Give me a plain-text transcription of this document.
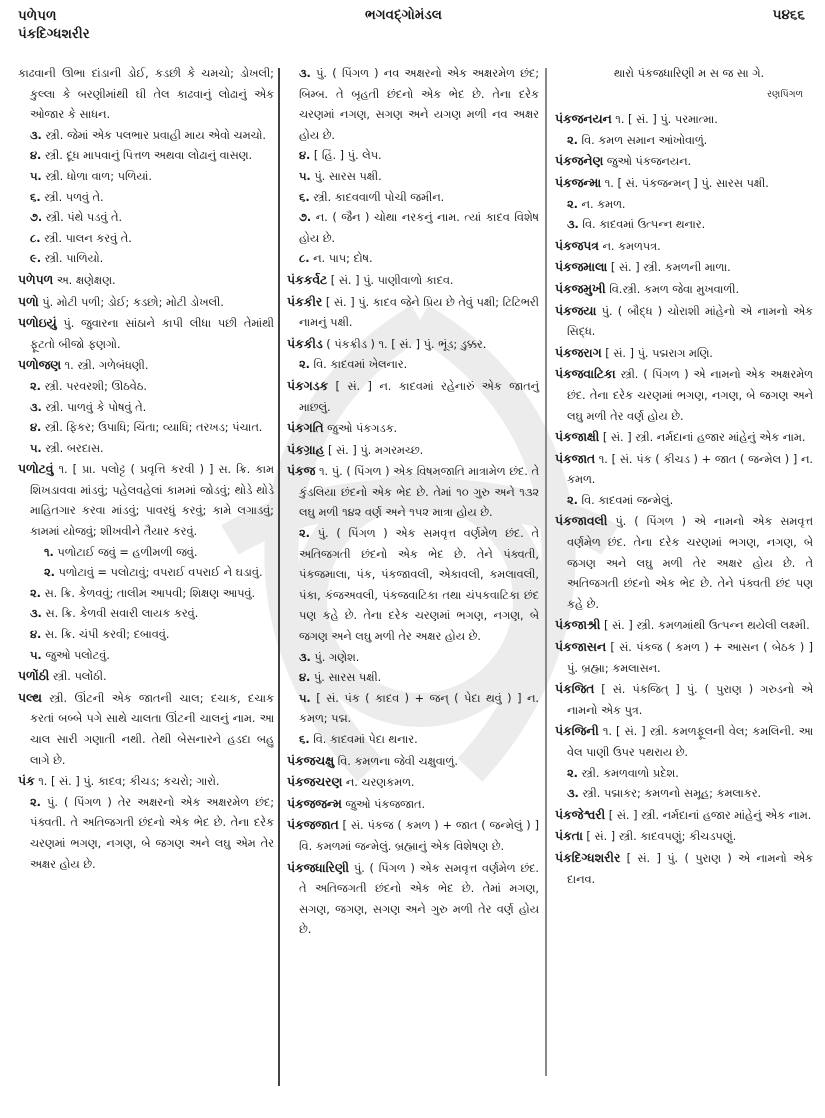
પળેપળ
પંકદિગ્ધશરીર
ભગવદ્ગોમંડલ	૫૪૬૬

કાઢવાની ઊભા દાંડાની ડોઈ, કડછી કે ચમચો; ડોખલી; કુલ્લા કે બરણીમાંથી ઘી તેલ કાઢવાનું લોઢાનું એક ઓજાર કે સાધન.

૩. સ્ત્રી. જેમાં એક પલભાર પ્રવાહી માય એવો ચમચો.

૪. સ્ત્રી. દૂધ માપવાનું પિત્તળ અથવા લોઢાનું વાસણ.

૫. સ્ત્રી. ધોળા વાળ; પળિયાં.

૬. સ્ત્રી. પળવું તે.

૭. સ્ત્રી. પંથે પડવું તે.

૮. સ્ત્રી. પાલન કરવું તે.

૯. સ્ત્રી. પાળિયો.

પળેપળ અ. ક્ષણેક્ષણ.

પળો પું. મોટી પળી; ડોઈ; કડછો; મોટી ડોખલી.

પળોઇયું પું. જુવારના સાંઠાને કાપી લીધા પછી તેમાંથી ફૂટતો બીજો ફણગો.

પળોજણ ૧. સ્ત્રી. ગળેબંધણી.

૨. સ્ત્રી. પરવરશી; ઊઠવેઠ.

૩. સ્ત્રી. પાળવું કે પોષવું તે.

૪. સ્ત્રી. ફિકર; ઉપાધિ; ચિંતા; વ્યાધિ; તરખડ; પંચાત.

૫. સ્ત્રી. બરદાસ.

પળોટવું ૧. [ પ્રા. પલોટ્ટ ( પ્રવૃત્તિ કરવી ) ] સ. ક્રિ. કામ શિખડાવવા માંડવું; પહેલવહેલાં કામમાં જોડવું; થોડે થોડે માહિતગાર કરવા માંડવું; પાવરધું કરવું; કામે લગાડવું; કામમાં યોજવું; શીખવીને તૈયાર કરવું.

૧. પળોટાઈ જવું = હળીમળી જવું.

૨. પળોટાવું = પલોટાવું; વપરાઈ વપરાઈ ને ઘડાવું.

૨. સ. ક્રિ. કેળવવું; તાલીમ આપવી; શિક્ષણ આપવું.

૩. સ. ક્રિ. કેળવી સવારી લાયક કરવું.

૪. સ. ક્રિ. ચંપી કરવી; દબાવવું.

૫. જુઓ પલોટવું.

પળોંઠી સ્ત્રી. પલોંઠી.

પલ્થ સ્ત્રી. ઊંટની એક જાતની ચાલ; દચાક, દચાક કરતાં બબ્બે પગે સાથે ચાલતા ઊંટની ચાલનું નામ. આ ચાલ સારી ગણાતી નથી. તેથી બેસનારને હડદા બહુ લાગે છે.

પંક ૧. [ સં. ] પું. કાદવ; કીચડ; કચરો; ગારો.

૨. પું. ( પિંગળ ) તેર અક્ષરનો એક અક્ષરમેળ છંદ; પંક્વતી. તે અતિજગતી છંદનો એક ભેદ છે. તેના દરેક ચરણમાં ભગણ, નગણ, બે જગણ અને લઘુ એમ તેર અક્ષર હોય છે.

૩. પું. ( પિંગળ ) નવ અક્ષરનો એક અક્ષરમેળ છંદ; બિમ્બ. તે બૃહતી છંદનો એક ભેદ છે. તેના દરેક ચરણમાં નગણ, સગણ અને યગણ મળી નવ અક્ષર હોય છે.

૪. [ હિં. ] પું. લેપ.

૫. પું. સારસ પક્ષી.

૬. સ્ત્રી. કાદવવાળી પોચી જમીન.

૭. ન. ( જૈન ) ચોથા નરકનું નામ. ત્યાં કાદવ વિશેષ હોય છે.

૮. ન. પાપ; દોષ.

પંકકર્વટ [ સં. ] પું. પાણીવાળો કાદવ.

પંકકીર [ સં. ] પું. કાદવ જેને પ્રિય છે તેવું પક્ષી; ટિટિભરી નામનું પક્ષી.

પંકકીડ ( પંકક્રીડ ) ૧. [ સં. ] પું. ભૂંડ; ડુક્કર.

૨. વિ. કાદવમાં ખેલનાર.

પંકગડક [ સં. ] ન. કાદવમાં રહેનારું એક જાતનું માછલું.

પંકગતિ જુઓ પંકગડક.

પંકગ્રાહ [ સં. ] પું. મગરમચ્છ.

પંકજ ૧. પું. ( પિંગળ ) એક વિષમજાતિ માત્રામેળ છંદ. તે કુંડલિયા છંદનો એક ભેદ છે. તેમાં ૧૦ ગુરુ અને ૧૩૨ લઘુ મળી ૧૪૨ વર્ણ અને ૧૫૨ માત્રા હોય છે.

૨. પું. ( પિંગળ ) એક સમવૃત્ત વર્ણમેળ છંદ. તે અતિજગતી છંદનો એક ભેદ છે. તેને પંક્વતી, પંકજમાલા, પંક, પંકજાવલી, એકાવલી, કમલાવલી, પંકા, કંજઅવલી, પંકજવાટિકા તથા ચંપકવાટિકા છંદ પણ કહે છે. તેના દરેક ચરણમાં ભગણ, નગણ, બે જગણ અને લઘુ મળી તેર અક્ષર હોય છે.

૩. પું. ગણેશ.

૪. પું. સારસ પક્ષી.

૫. [ સં. પંક ( કાદવ ) + જન્ ( પેદા થવું ) ] ન. કમળ; પદ્મ.

૬. વિ. કાદવમાં પેદા થનાર.

પંકજચક્ષુ વિ. કમળના જેવી ચક્ષુવાળું.

પંકજચરણ ન. ચરણકમળ.

પંકજજન્મ જુઓ પંકજજાત.

પંકજજાત [ સં. પંકજ ( કમળ ) + જાત ( જન્મેલું ) ] વિ. કમળમાં જન્મેલું. બ્રહ્માનું એક વિશેષણ છે.

પંકજધારિણી પું. ( પિંગળ ) એક સમવૃત્ત વર્ણમેળ છંદ. તે અતિજગતી છંદનો એક ભેદ છે. તેમાં મગણ, સગણ, જગણ, સગણ અને ગુરુ મળી તેર વર્ણ હોય છે.

થારો પંકજધારિણી મ સ જ સા ગે.

રણપિંગળ

પંકજનયન ૧. [ સં. ] પું. પરમાત્મા.

૨. વિ. કમળ સમાન આંખોવાળું.

પંકજનેણ જુઓ પંકજનયન.

પંકજન્મા ૧. [ સં. પંકજન્મન્ ] પું. સારસ પક્ષી.

૨. ન. કમળ.

૩. વિ. કાદવમાં ઉત્પન્ન થનાર.

પંકજપત્ર ન. કમળપત્ર.

પંકજમાલા [ સં. ] સ્ત્રી. કમળની માળા.

પંકજમુખી વિ.સ્ત્રી. કમળ જેવા મુખવાળી.

પંકજયા પું. ( બૌદ્ધ ) ચોરાશી માંહેનો એ નામનો એક સિદ્ધ.

પંકજરાગ [ સં. ] પું. પદ્મરાગ મણિ.

પંકજવાટિકા સ્ત્રી. ( પિંગળ ) એ નામનો એક અક્ષરમેળ છંદ. તેના દરેક ચરણમાં ભગણ, નગણ, બે જગણ અને લઘુ મળી તેર વર્ણ હોય છે.

પંકજાક્ષી [ સં. ] સ્ત્રી. નર્મદાનાં હજાર માંહેનું એક નામ.

પંકજાત ૧. [ સં. પંક ( કીચડ ) + જાત ( જન્મેલ ) ] ન. કમળ.

૨. વિ. કાદવમાં જન્મેલું.

પંકજાવલી પું. ( પિંગળ ) એ નામનો એક સમવૃત્ત વર્ણમેળ છંદ. તેના દરેક ચરણમાં ભગણ, નગણ, બે જગણ અને લઘુ મળી તેર અક્ષર હોય છે. તે અતિજગતી છંદનો એક ભેદ છે. તેને પંક્વતી છંદ પણ કહે છે.

પંકજાશ્રી [ સં. ] સ્ત્રી. કમળમાંથી ઉત્પન્ન થયેલી લક્ષ્મી.

પંકજાસન [ સં. પંકજ ( કમળ ) + આસન ( બેઠક ) ] પું. બ્રહ્મા; કમલાસન.

પંકજિત [ સં. પંકજિત્ ] પું. ( પુરાણ ) ગરુડનો એ નામનો એક પુત્ર.

પંકજિની ૧. [ સં. ] સ્ત્રી. કમળફૂલની વેલ; કમલિની. આ વેલ પાણી ઉપર પથરાય છે.

૨. સ્ત્રી. કમળવાળો પ્રદેશ.

૩. સ્ત્રી. પદ્માકર; કમળનો સમૂહ; કમલાકર.

પંકજેશ્વરી [ સં. ] સ્ત્રી. નર્મદાનાં હજાર માંહેનું એક નામ.

પંકતા [ સં. ] સ્ત્રી. કાદવપણું; કીચડપણું.

પંકદિગ્ધશરીર [ સં. ] પું. ( પુરાણ ) એ નામનો એક દાનવ.
